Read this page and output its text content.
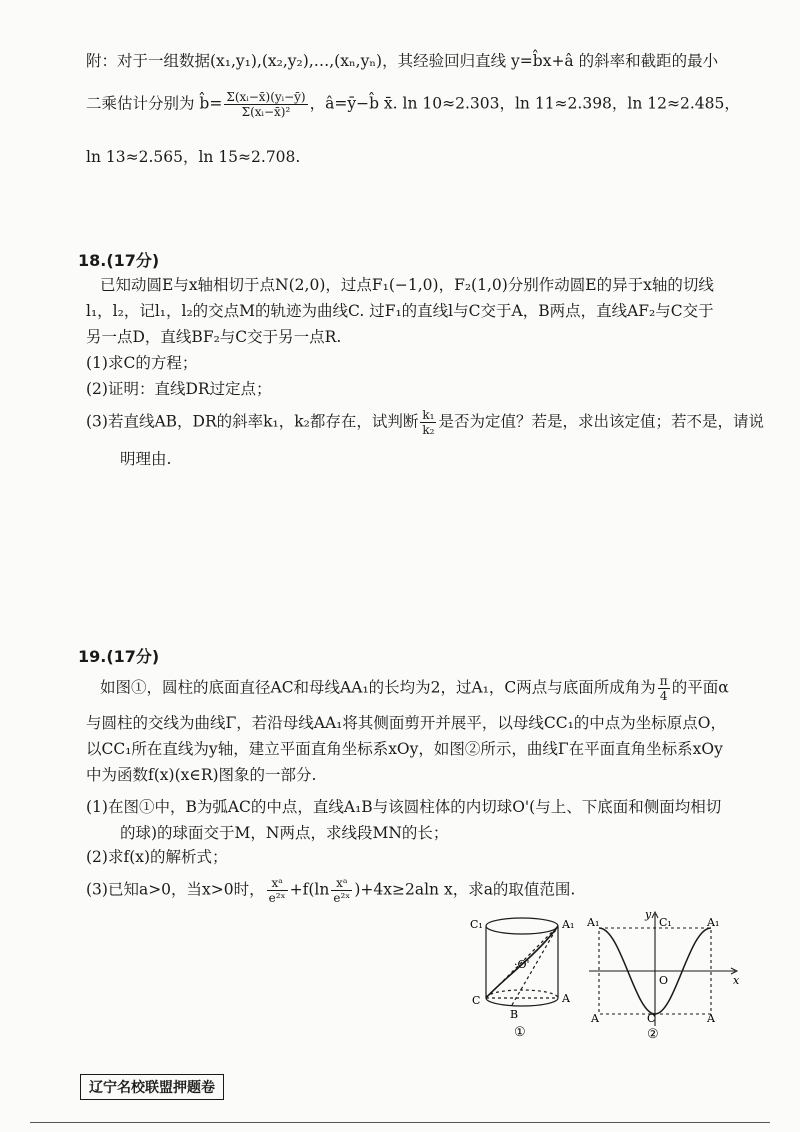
附：对于一组数据(x₁,y₁),(x₂,y₂),…,(xₙ,yₙ)，其经验回归直线 y=b̂x+â 的斜率和截距的最小
二乘估计分别为 b̂= $\frac{\text{Σ(xᵢ−x̄)(yᵢ−ȳ)}}{\text{Σ(xᵢ−x̄)²}}$ ，â=ȳ−b̂ x̄. ln 10≈2.303，ln 11≈2.398，ln 12≈2.485，
ln 13≈2.565，ln 15≈2.708.
18.(17分)
已知动圆E与x轴相切于点N(2,0)，过点F₁(−1,0)，F₂(1,0)分别作动圆E的异于x轴的切线
l₁，l₂，记l₁，l₂的交点M的轨迹为曲线C. 过F₁的直线l与C交于A，B两点，直线AF₂与C交于
另一点D，直线BF₂与C交于另一点R.
(1)求C的方程；
(2)证明：直线DR过定点；
(3)若直线AB，DR的斜率k₁，k₂都存在，试判断 $\frac{\text{k₁}}{\text{k₂}}$ 是否为定值？若是，求出该定值；若不是，请说
明理由.
19.(17分)
如图①，圆柱的底面直径AC和母线AA₁的长均为2，过A₁，C两点与底面所成角为 $\frac{\pi}{4}$ 的平面α
与圆柱的交线为曲线Γ，若沿母线AA₁将其侧面剪开并展平，以母线CC₁的中点为坐标原点O，
以CC₁所在直线为y轴，建立平面直角坐标系xOy，如图②所示，曲线Γ在平面直角坐标系xOy
中为函数f(x)(x∈R)图象的一部分.
(1)在图①中，B为弧AC的中点，直线A₁B与该圆柱体的内切球O'(与上、下底面和侧面均相切
的球)的球面交于M，N两点，求线段MN的长；
(2)求f(x)的解析式；
(3)已知a>0，当x>0时， $\frac{\text{xᵃ}}{\text{e²ˣ}} +f(\ln \frac{\text{xᵃ}}{\text{e²ˣ}} )+4x\ge 2aln$ x，求a的取值范围.
C₁	A₁
·O'
C	A
B
①
A₁	C₁	A₁
y
x
O
A	C	A
②
辽宁名校联盟押题卷
